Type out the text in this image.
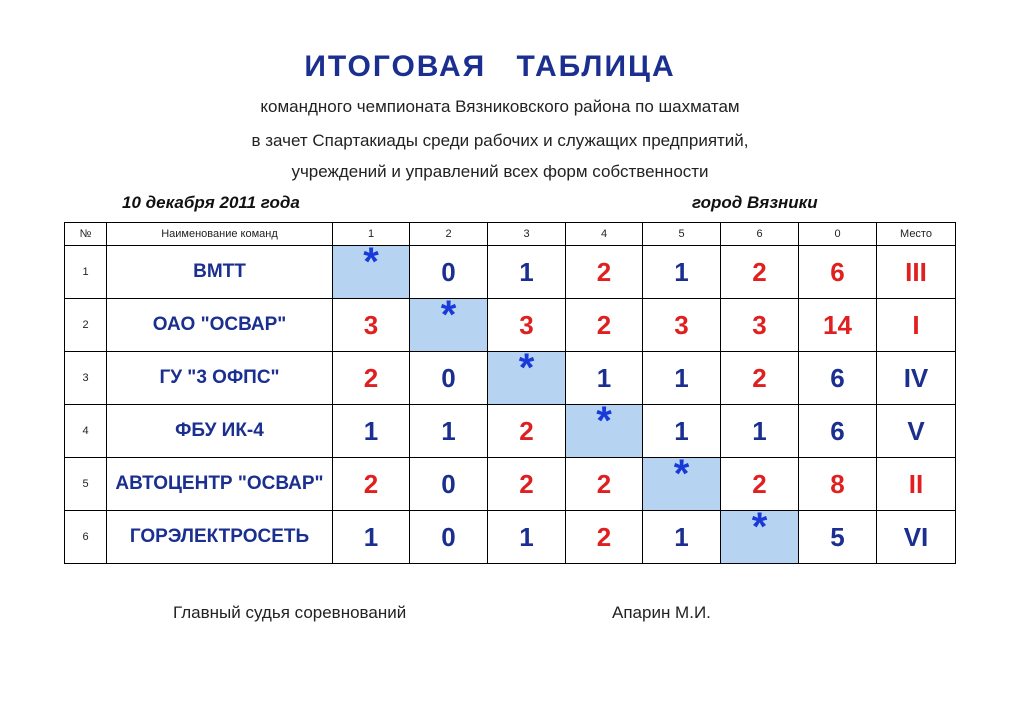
ИТОГОВАЯ ТАБЛИЦА
командного чемпионата Вязниковского района по шахматам
в зачет Спартакиады среди рабочих и служащих предприятий,
учреждений и управлений всех форм собственности
10 декабря 2011 года	город Вязники
№	Наименование команд	1	2	3	4	5	6	0	Место
1	ВМТТ	*	0	1	2	1	2	6	III
2	ОАО "ОСВАР"	3	*	3	2	3	3	14	I
3	ГУ "3 ОФПС"	2	0	*	1	1	2	6	IV
4	ФБУ ИК-4	1	1	2	*	1	1	6	V
5	АВТОЦЕНТР "ОСВАР"	2	0	2	2	*	2	8	II
6	ГОРЭЛЕКТРОСЕТЬ	1	0	1	2	1	*	5	VI
Главный судья соревнований	Апарин М.И.
